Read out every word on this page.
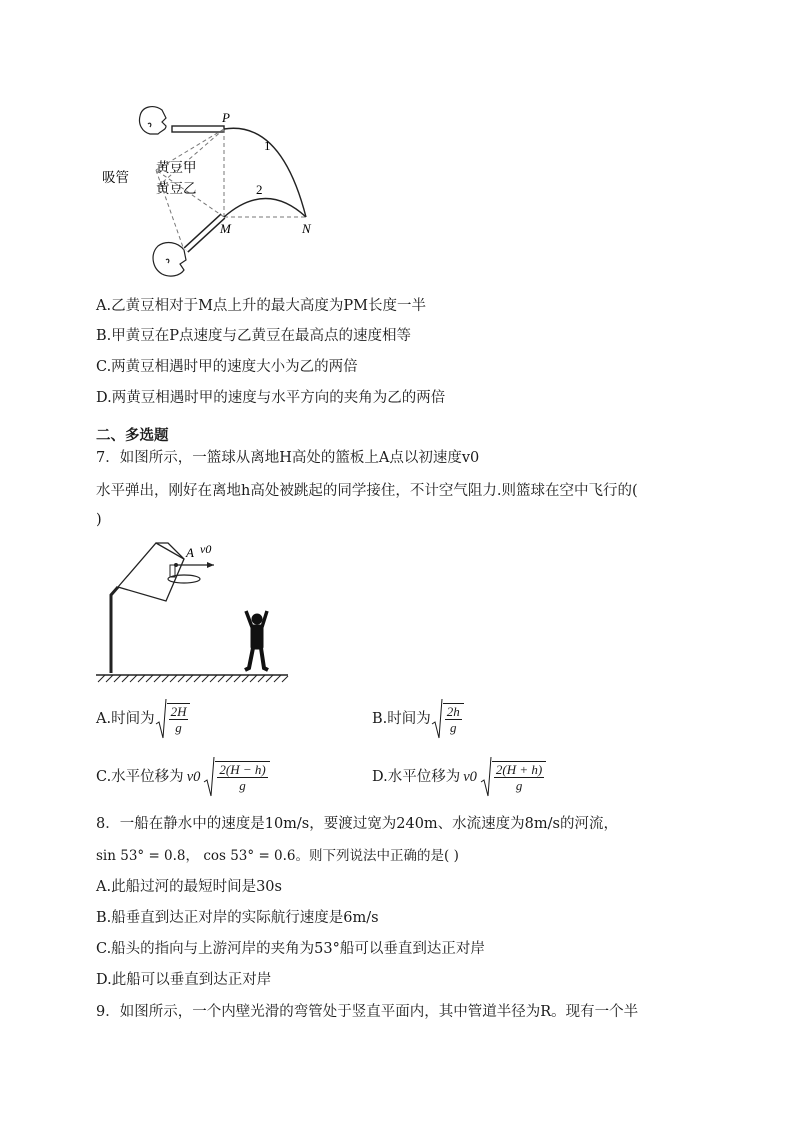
P
1
2
M	N
吸管
黄豆甲
黄豆乙
A.乙黄豆相对于M点上升的最大高度为PM长度一半
B.甲黄豆在P点速度与乙黄豆在最高点的速度相等
C.两黄豆相遇时甲的速度大小为乙的两倍
D.两黄豆相遇时甲的速度与水平方向的夹角为乙的两倍
二、多选题
7．如图所示，一篮球从离地H高处的篮板上A点以初速度v0
水平弹出，刚好在离地h高处被跳起的同学接住，不计空气阻力.则篮球在空中飞行的(
)
A v0
A.时间为 $\frac{2H}{g}$	B.时间为 $\frac{2h}{g}$
C.水平位移为 $v0 \frac{2(H - h)}{g}$	D.水平位移为 $v0 \frac{2(H + h)}{g}$
8．一船在静水中的速度是10m/s，要渡过宽为240m、水流速度为8m/s的河流，
sin 53° = 0.8， cos 53° = 0.6。则下列说法中正确的是( )
A.此船过河的最短时间是30s
B.船垂直到达正对岸的实际航行速度是6m/s
C.船头的指向与上游河岸的夹角为53°船可以垂直到达正对岸
D.此船可以垂直到达正对岸
9．如图所示，一个内壁光滑的弯管处于竖直平面内，其中管道半径为R。现有一个半
